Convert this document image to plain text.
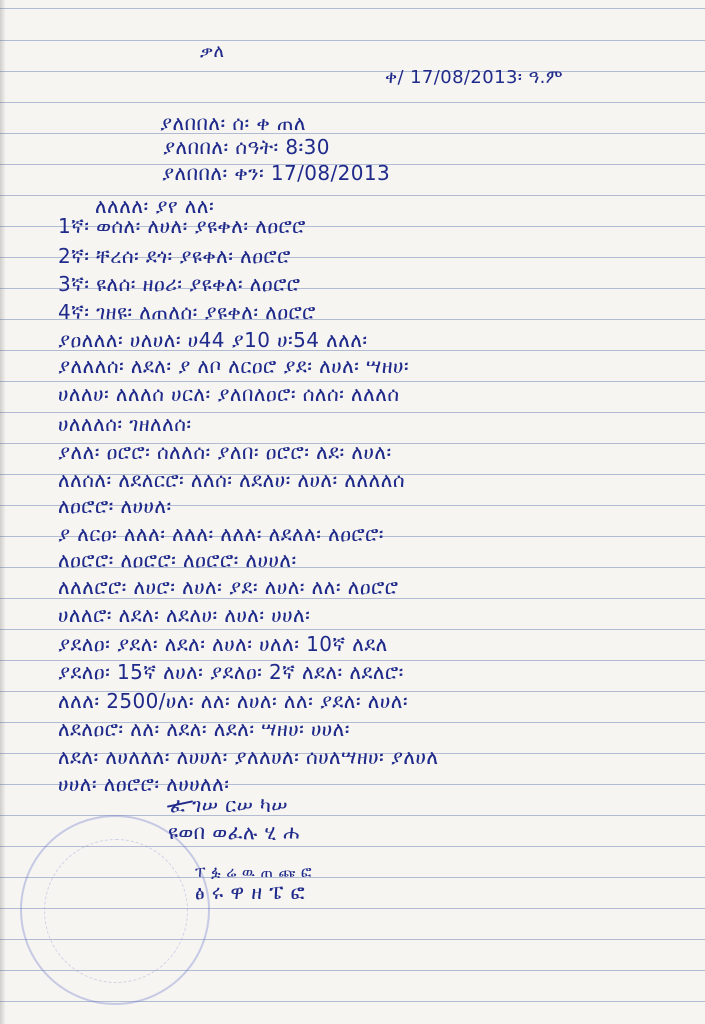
ቃለ
ቀ/ 17/08/2013፡ ዓ.ም
ያለበበለ፡ ሰ፡ ቀ ጠለ
ያለበበለ፡ ሰዓት፡ 8፡30
ያለበበለ፡ ቀን፡ 17/08/2013
ለለለለ፡ ያየ ለለ፡
1ኛ፡ ወሰለ፡ ለሀለ፡ ያዩቀለ፡ ለዐሮሮ
2ኛ፡ ቸረሰ፡ ደጎ፡ ያዩቀለ፡ ለዐሮሮ
3ኛ፡ ዩለሰ፡ ዘዐሪ፡ ያዩቀለ፡ ለዐሮሮ
4ኛ፡ ገዘዩ፡ ለጠለሰ፡ ያዩቀለ፡ ለዐሮሮ
ያዐለለለ፡ ሀለሀለ፡ ሀ44 ያ10 ሀ፡54 ለለለ፡
ያለለለሰ፡ ለደለ፡ ያ ለቦ ለርዐሮ ያደ፡ ለሀለ፡ ሣዘሀ፡
ሀለለሀ፡ ለለለሰ ሀርለ፡ ያለበለዐሮ፡ ሰለሰ፡ ለለለሰ
ሀለለለሰ፡ ገዘለለሰ፡
ያለለ፡ ዐሮሮ፡ ሰለለሰ፡ ያለበ፡ ዐሮሮ፡ ለደ፡ ለሀለ፡
ለለሰለ፡ ለደለርሮ፡ ለለሰ፡ ለደለሀ፡ ለሀለ፡ ለለለለሰ
ለዐሮሮ፡ ለሀሀለ፡
ያ ለርዐ፡ ለለለ፡ ለለለ፡ ለለለ፡ ለደለለ፡ ለዐሮሮ፡
ለዐሮሮ፡ ለዐሮሮ፡ ለዐሮሮ፡ ለሀሀለ፡
ለለለሮሮ፡ ለሀሮ፡ ለሀለ፡ ያደ፡ ለሀለ፡ ለለ፡ ለዐሮሮ
ሀለለሮ፡ ለደለ፡ ለደለሀ፡ ለሀለ፡ ሀሀለ፡
ያደለዐ፡ ያደለ፡ ለደለ፡ ለሀለ፡ ሀለለ፡ 10ኛ ለደለ
ያደለዐ፡ 15ኛ ለሀለ፡ ያደለዐ፡ 2ኛ ለደለ፡ ለደለሮ፡
ለለለ፡ 2500/ሀለ፡ ለለ፡ ለሀለ፡ ለለ፡ ያደለ፡ ለሀለ፡
ለደለዐሮ፡ ለለ፡ ለደለ፡ ለደለ፡ ሣዘሀ፡ ሀሀለ፡
ለደለ፡ ለሀለለለ፡ ለሀሀለ፡ ያለለሀለ፡ ሰሀለሣዘሀ፡ ያለሀለ
ሀሀለ፡ ለዐሮሮ፡ ለሀሀለለ፡
ፈ ገሠ ርሠ ካሠ
ዩወበ ወፈሉ ሂ ሐ
ፐ ፏ ሬ ዉ ጠ ጩ ፎ
ፅ ሩ ዋ ዘ ፔ ፎ
